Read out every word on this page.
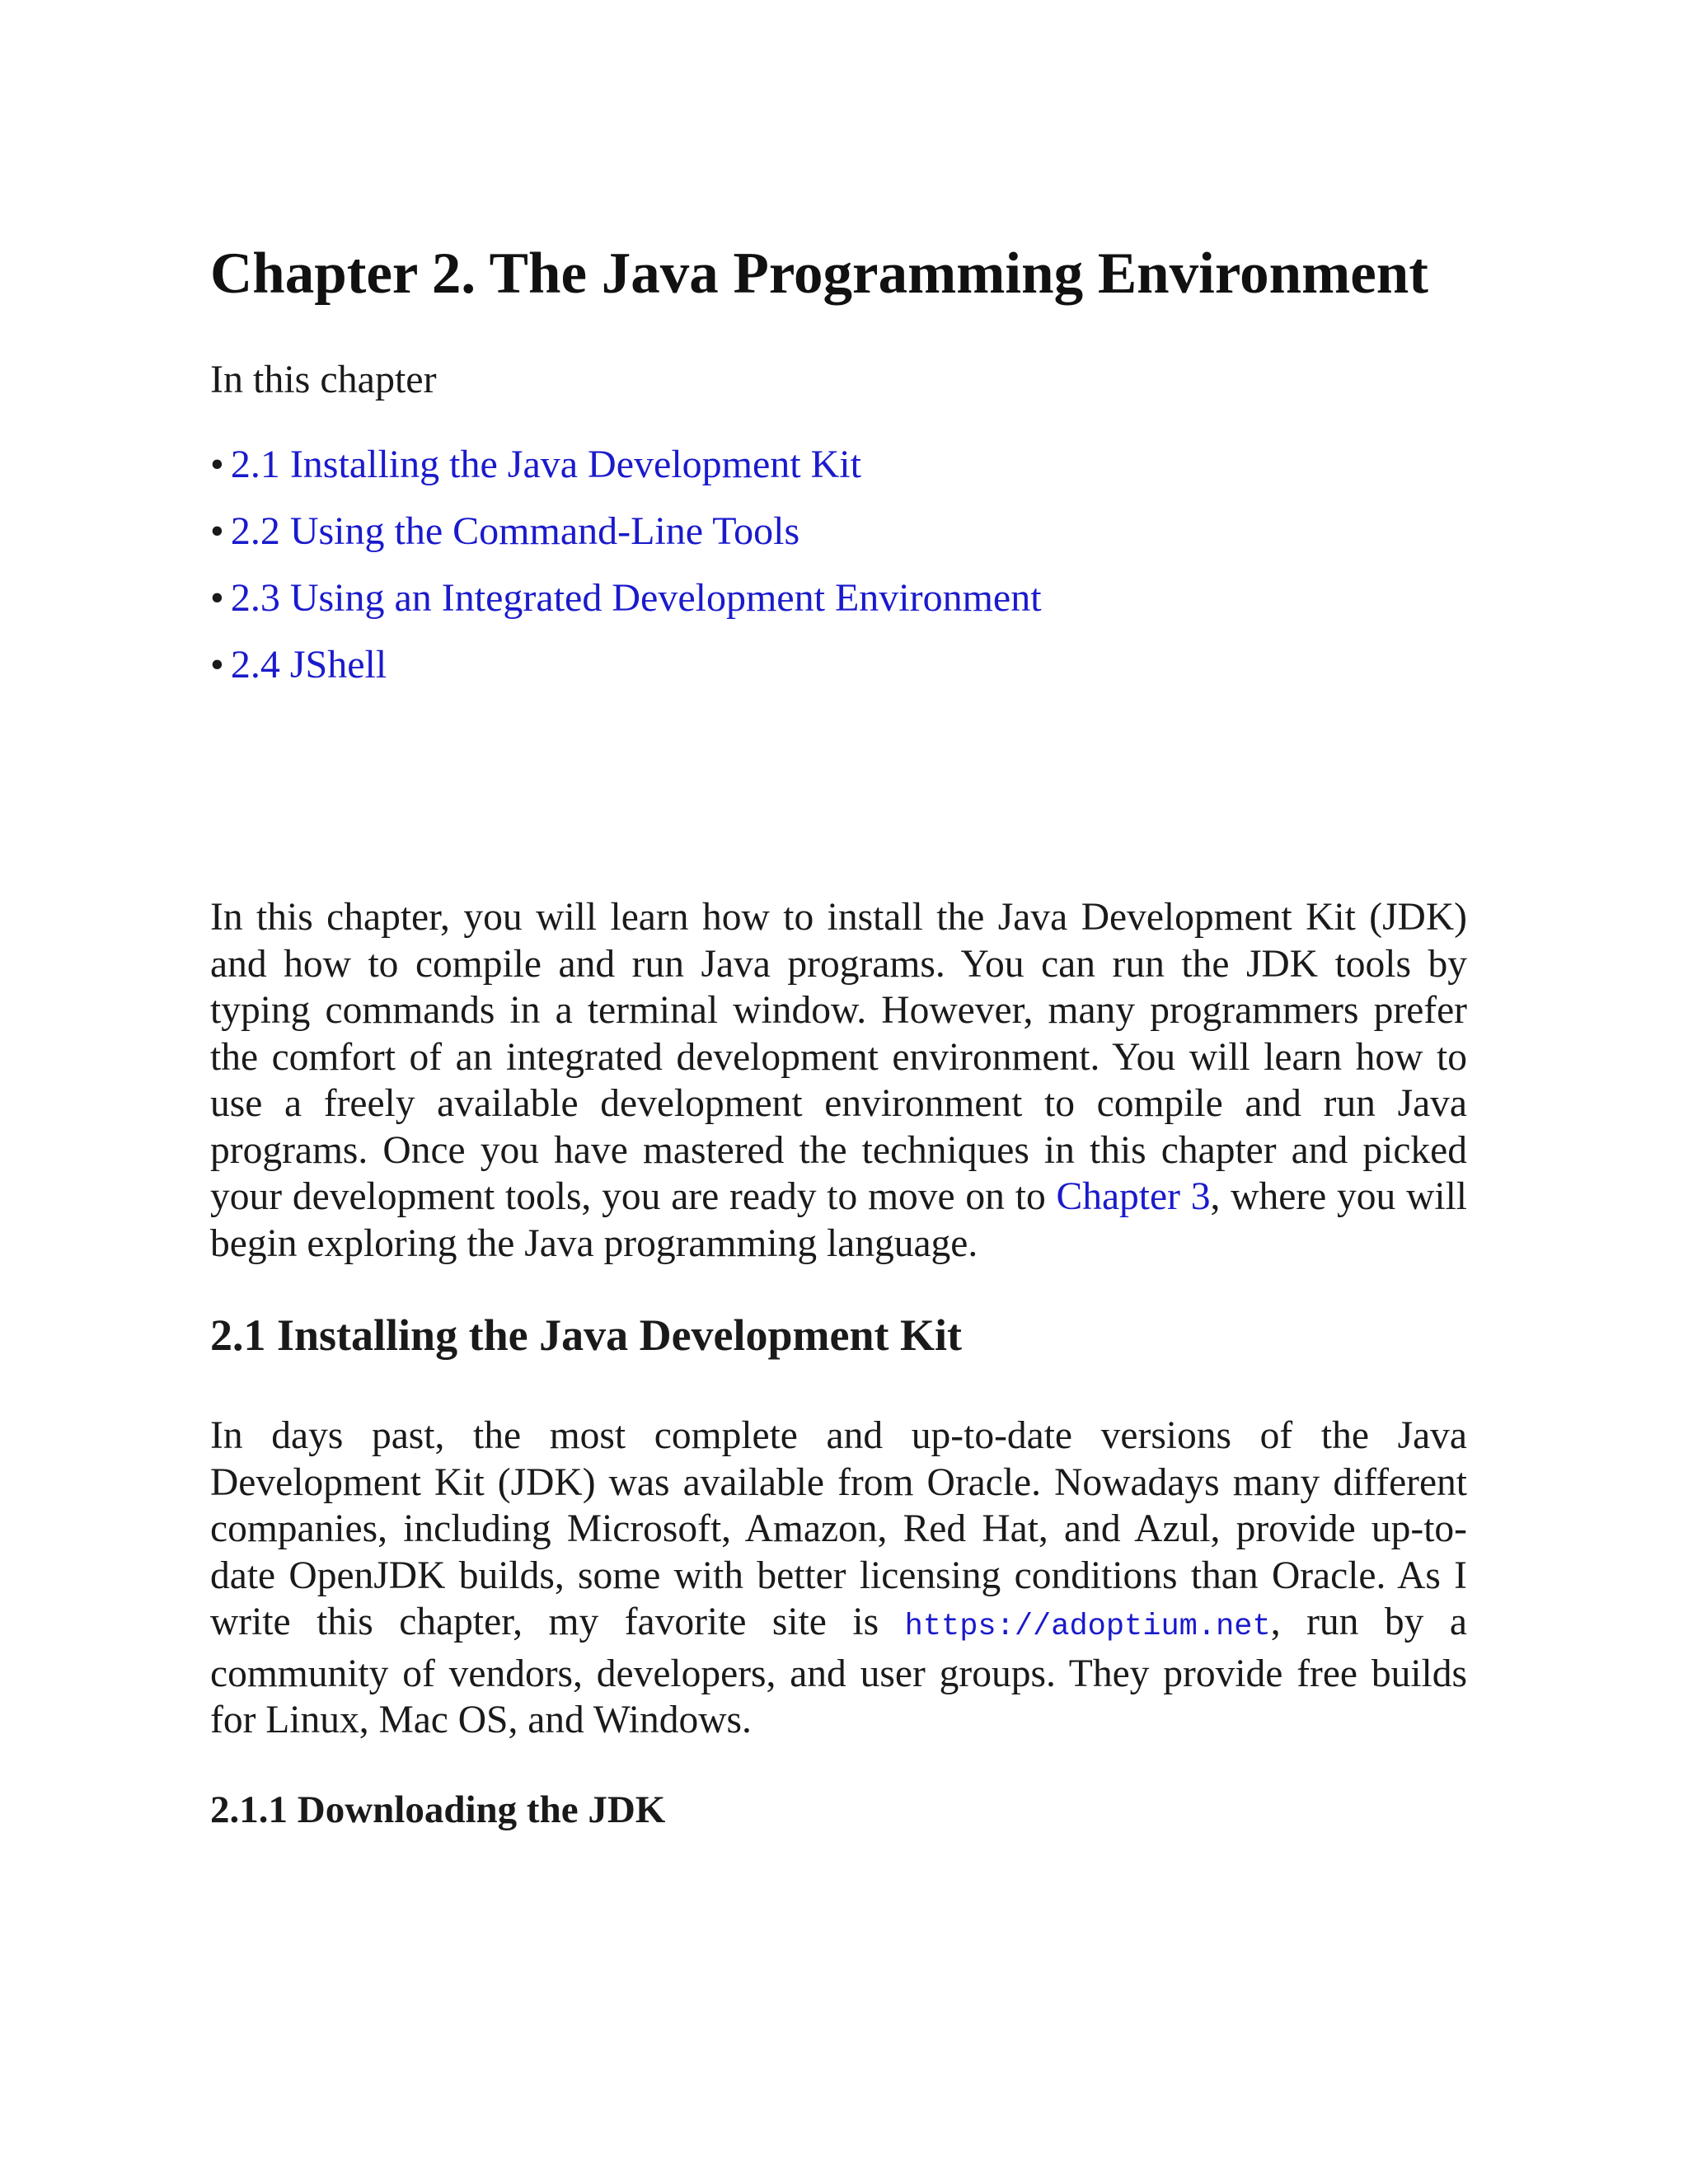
Chapter 2. The Java Programming Environment

In this chapter

• 2.1 Installing the Java Development Kit
• 2.2 Using the Command-Line Tools
• 2.3 Using an Integrated Development Environment
• 2.4 JShell

In this chapter, you will learn how to install the Java Development Kit (JDK) and how to compile and run Java programs. You can run the JDK tools by typing commands in a terminal window. However, many programmers prefer the comfort of an integrated development environment. You will learn how to use a freely available development environment to compile and run Java programs. Once you have mastered the techniques in this chapter and picked your development tools, you are ready to move on to Chapter 3, where you will begin exploring the Java programming language.

2.1 Installing the Java Development Kit

In days past, the most complete and up-to-date versions of the Java Development Kit (JDK) was available from Oracle. Nowadays many different companies, including Microsoft, Amazon, Red Hat, and Azul, provide up-to-date OpenJDK builds, some with better licensing conditions than Oracle. As I write this chapter, my favorite site is https://adoptium.net, run by a community of vendors, developers, and user groups. They provide free builds for Linux, Mac OS, and Windows.

2.1.1 Downloading the JDK
